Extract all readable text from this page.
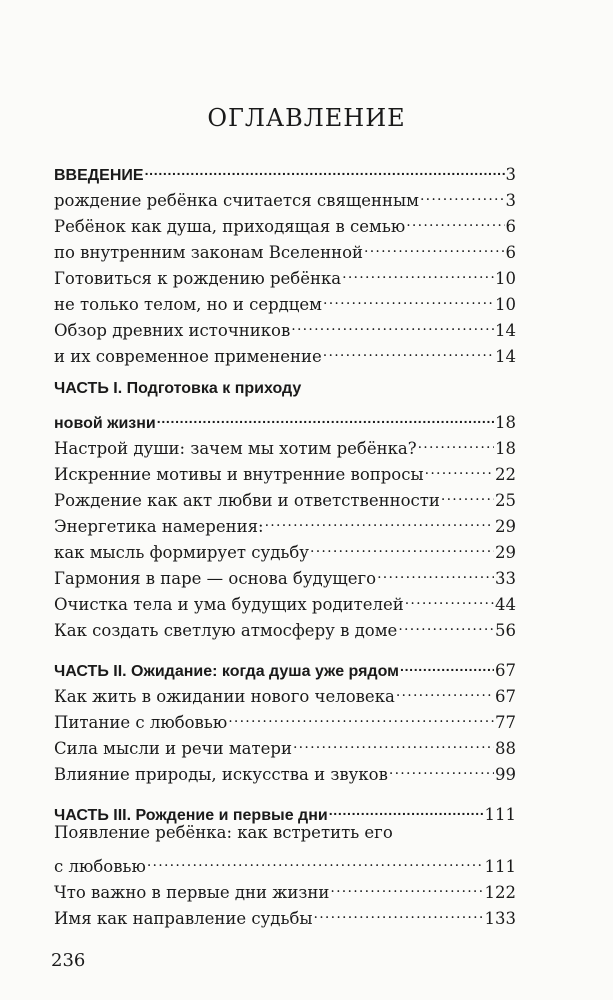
ОГЛАВЛЕНИЕ
ВВЕДЕНИЕ . . .	3
рождение ребёнка считается священным . . .	3
Ребёнок как душа, приходящая в семью . . .	6
по внутренним законам Вселенной . . .	6
Готовиться к рождению ребёнка . . .	10
не только телом, но и сердцем . . .	10
Обзор древних источников . . .	14
и их современное применение . . .	14
ЧАСТЬ I. Подготовка к приходу
новой жизни . . .	18
Настрой души: зачем мы хотим ребёнка? . . .	18
Искренние мотивы и внутренние вопросы . . .	22
Рождение как акт любви и ответственности . . .	25
Энергетика намерения: . . .	29
как мысль формирует судьбу . . .	29
Гармония в паре — основа будущего . . .	33
Очистка тела и ума будущих родителей . . .	44
Как создать светлую атмосферу в доме . . .	56
ЧАСТЬ II. Ожидание: когда душа уже рядом . . .	67
Как жить в ожидании нового человека . . .	67
Питание с любовью . . .	77
Сила мысли и речи матери . . .	88
Влияние природы, искусства и звуков . . .	99
ЧАСТЬ III. Рождение и первые дни . . .	111
Появление ребёнка: как встретить его
с любовью . . .	111
Что важно в первые дни жизни . . .	122
Имя как направление судьбы . . .	133
236
